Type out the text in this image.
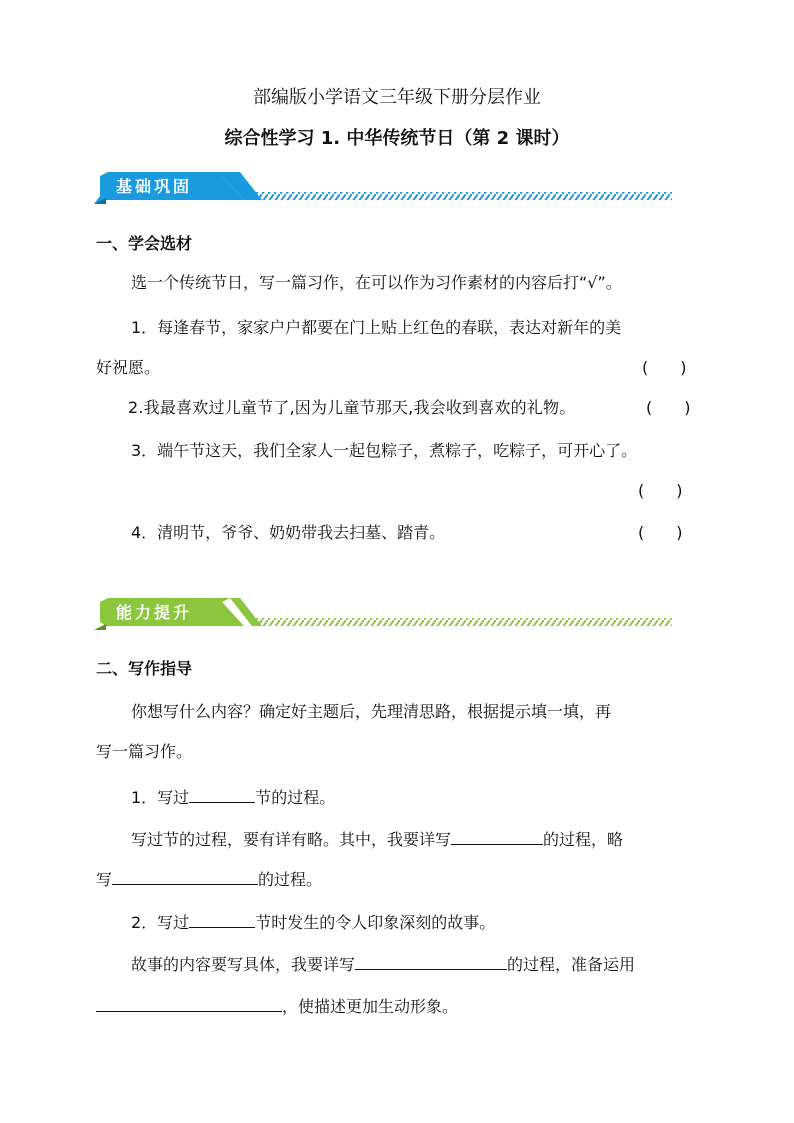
部编版小学语文三年级下册分层作业
综合性学习 1. 中华传统节日（第 2 课时）
基础巩固
一、学会选材
选一个传统节日，写一篇习作，在可以作为习作素材的内容后打“√”。
1．每逢春节，家家户户都要在门上贴上红色的春联，表达对新年的美
好祝愿。	(　　)
2.我最喜欢过儿童节了,因为儿童节那天,我会收到喜欢的礼物。	(　　)
3．端午节这天，我们全家人一起包粽子，煮粽子，吃粽子，可开心了。
(　　)
4．清明节，爷爷、奶奶带我去扫墓、踏青。	(　　)
能力提升
二、写作指导
你想写什么内容？确定好主题后，先理清思路，根据提示填一填，再
写一篇习作。
1．写过	节的过程。
写过节的过程，要有详有略。其中，我要详写	的过程，略
写	的过程。
2．写过	节时发生的令人印象深刻的故事。
故事的内容要写具体，我要详写	的过程，准备运用
，使描述更加生动形象。
